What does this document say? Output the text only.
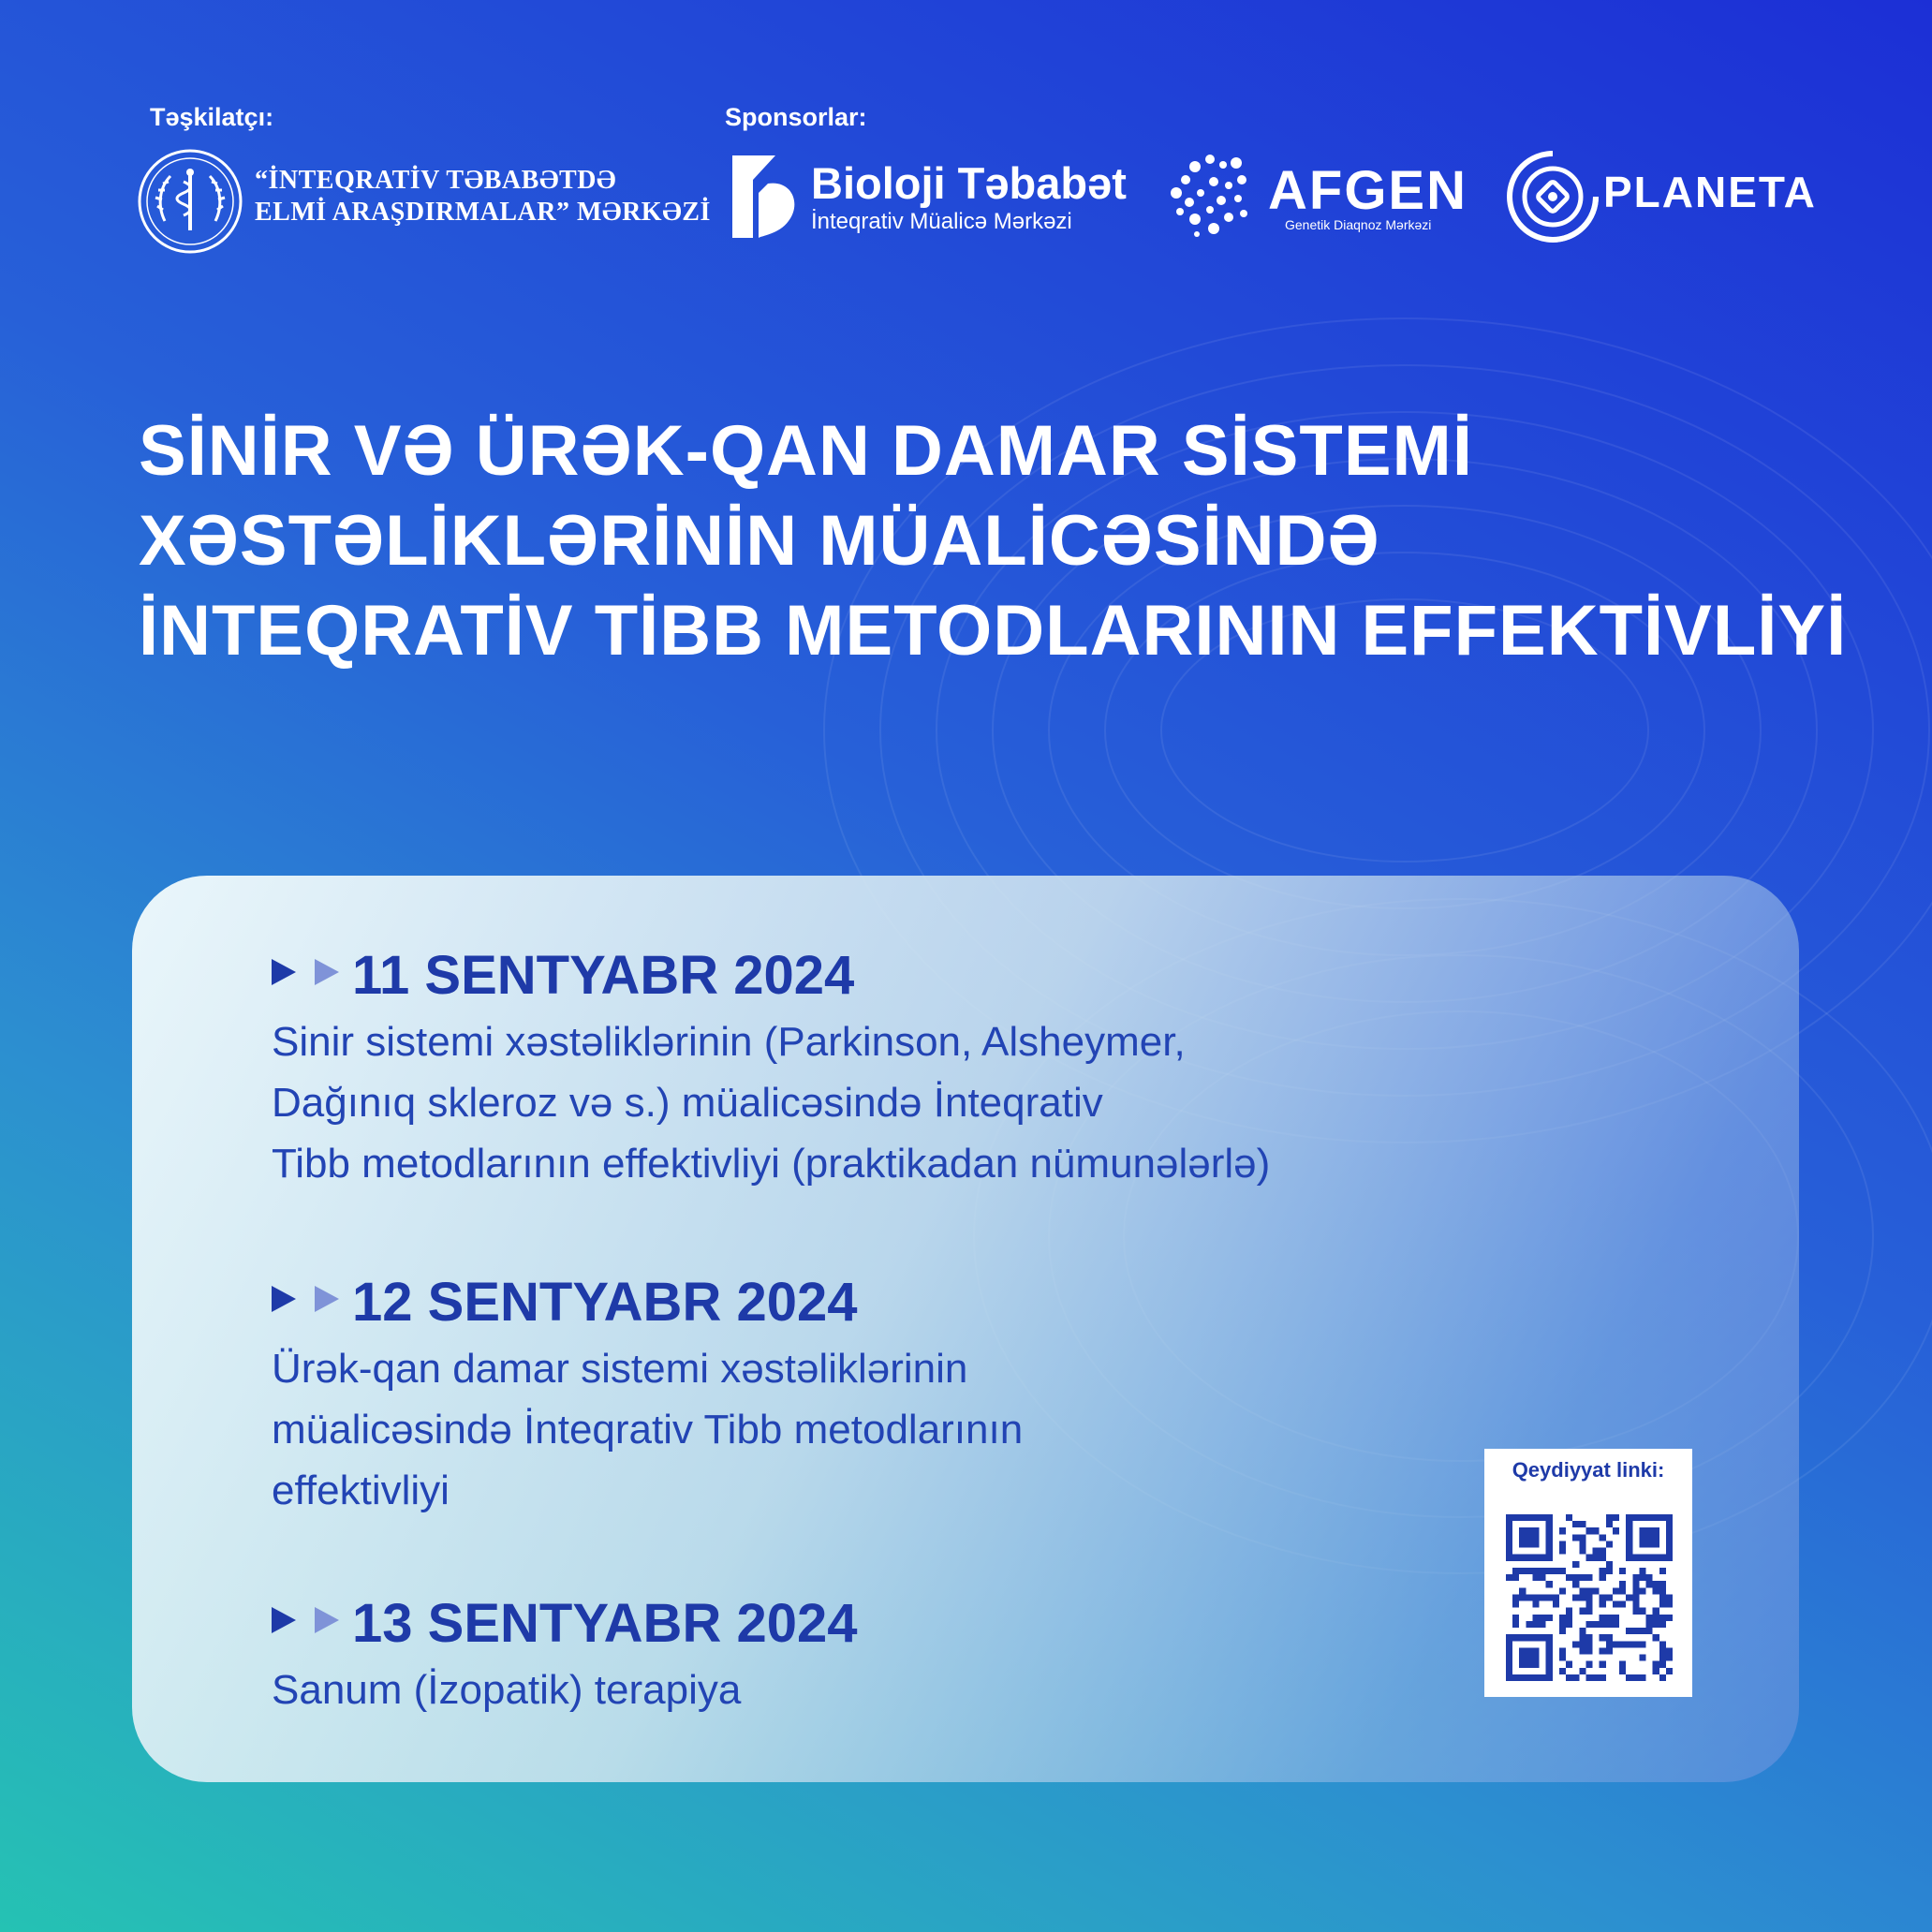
Təşkilatçı:	Sponsorlar:
“İNTEQRATİV TƏBABƏTDƏ
ELMİ ARAŞDIRMALAR” MƏRKƏZİ
Bioloji Təbabət
İnteqrativ Müalicə Mərkəzi
AFGEN
Genetik Diaqnoz Mərkəzi
PLANETA
SİNİR VƏ ÜRƏK-QAN DAMAR SİSTEMİ
XƏSTƏLİKLƏRİNİN MÜALİCƏSİNDƏ
İNTEQRATİV TİBB METODLARININ EFFEKTİVLİYİ
11 SENTYABR 2024
Sinir sistemi xəstəliklərinin (Parkinson, Alsheymer,
Dağınıq skleroz və s.) müalicəsində İnteqrativ
Tibb metodlarının effektivliyi (praktikadan nümunələrlə)
12 SENTYABR 2024
Ürək-qan damar sistemi xəstəliklərinin
müalicəsində İnteqrativ Tibb metodlarının
effektivliyi
13 SENTYABR 2024
Sanum (İzopatik) terapiya
Qeydiyyat linki:
